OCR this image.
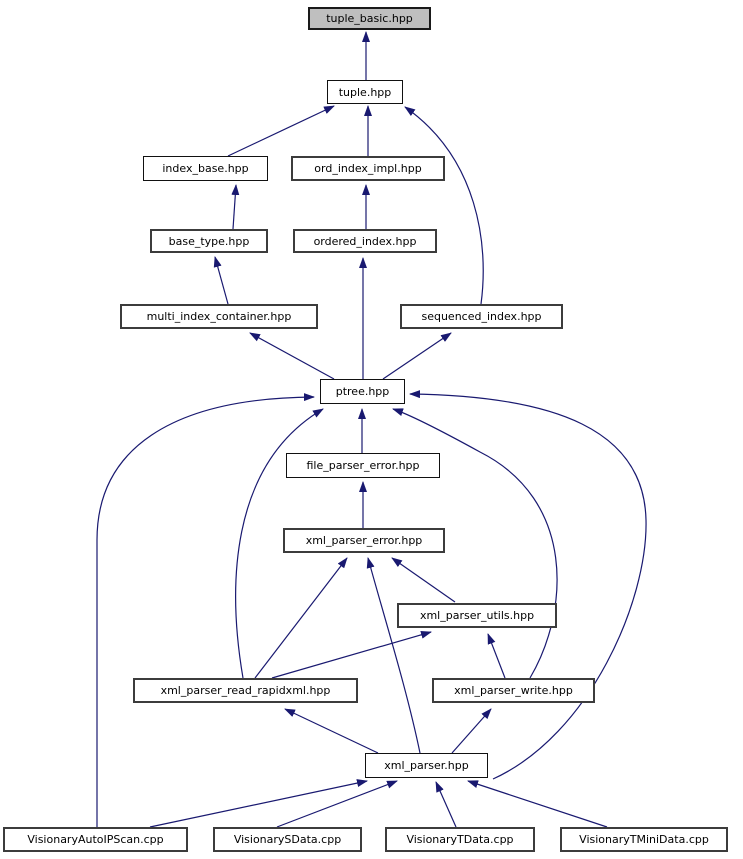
tuple_basic.hpp
tuple.hpp
index_base.hpp	ord_index_impl.hpp
base_type.hpp	ordered_index.hpp
multi_index_container.hpp	sequenced_index.hpp
ptree.hpp
file_parser_error.hpp
xml_parser_error.hpp
xml_parser_utils.hpp
xml_parser_read_rapidxml.hpp	xml_parser_write.hpp
xml_parser.hpp
VisionaryAutoIPScan.cpp	VisionarySData.cpp	VisionaryTData.cpp	VisionaryTMiniData.cpp
